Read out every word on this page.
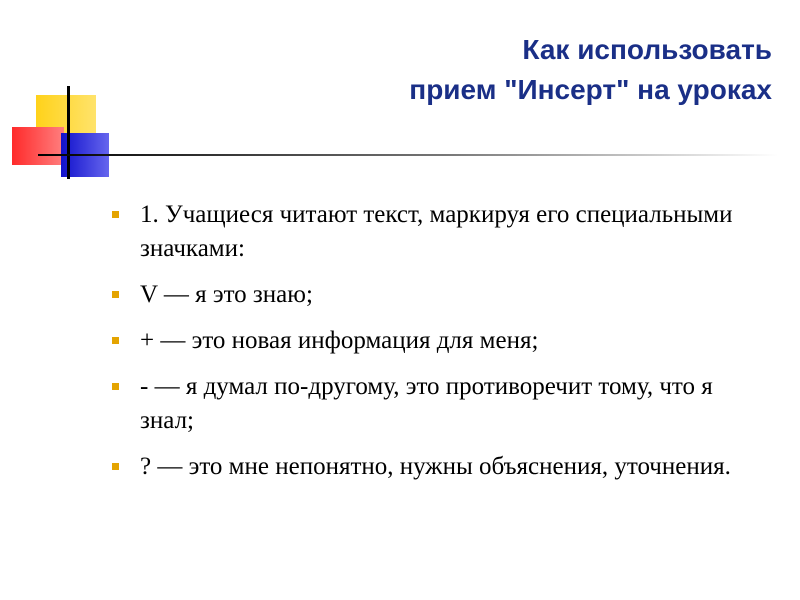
Как использовать
прием "Инсерт" на уроках
1. Учащиеся читают текст, маркируя его специальными значками:
V — я это знаю;
+ — это новая информация для меня;
- — я думал по-другому, это противоречит тому, что я знал;
? — это мне непонятно, нужны объяснения, уточнения.
